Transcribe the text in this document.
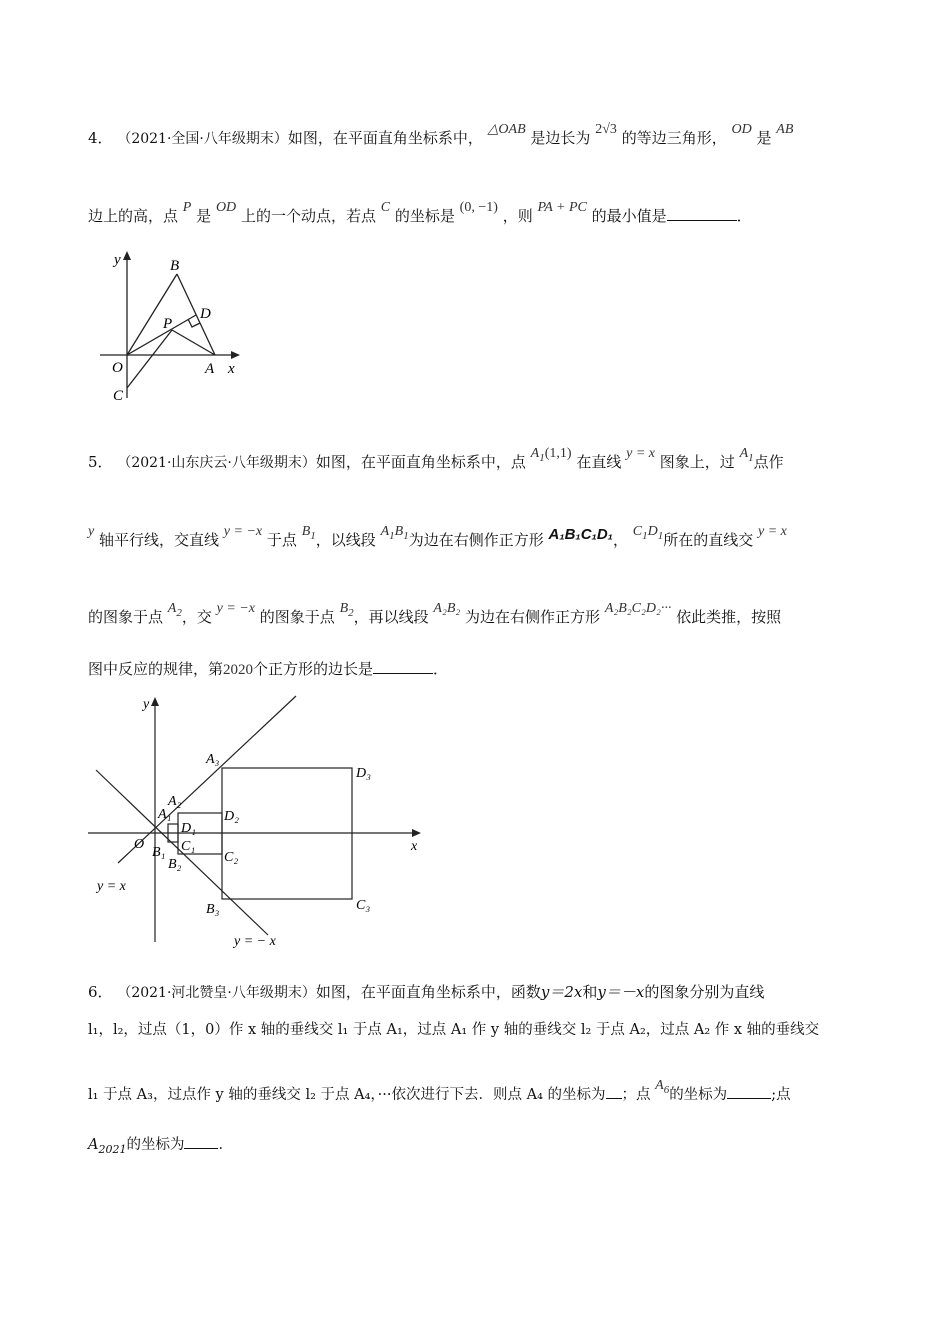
4． （2021·全国·八年级期末）如图，在平面直角坐标系中， △OAB 是边长为 2√3 的等边三角形， OD 是 AB
边上的高，点 P 是 OD 上的一个动点，若点 C 的坐标是 (0, −1) ，则 PA + PC 的最小值是	．
y
x
O	A
B
C
D
P
5． （2021·山东庆云·八年级期末）如图，在平面直角坐标系中，点 $A_1(1,1)$ 在直线 y = x 图象上，过 $A_1$点作
y 轴平行线，交直线 y = −x 于点 $B_1$，以线段 $A_1B_1$为边在右侧作正方形 A₁B₁C₁D₁， $C_1D_1$所在的直线交 y = x
的图象于点 $A_2$，交 y = −x 的图象于点 $B_2$，再以线段 A₂B₂ 为边在右侧作正方形 A₂B₂C₂D₂··· 依此类推，按照
图中反应的规律，第2020个正方形的边长是	．
y
x
O
A₁
A₂
A₃
B₁
B₂
B₃
C₁
C₂
C₃
D₁
D₂
D₃
y = x
y = − x
6． （2021·河北赞皇·八年级期末）如图，在平面直角坐标系中，函数y＝2x和y＝－x的图象分别为直线
l₁，l₂，过点（1，0）作 x 轴的垂线交 l₁ 于点 A₁，过点 A₁ 作 y 轴的垂线交 l₂ 于点 A₂，过点 A₂ 作 x 轴的垂线交
l₁ 于点 A₃，过点作 y 轴的垂线交 l₂ 于点 A₄，···依次进行下去．则点 A₄ 的坐标为 ；点 $A_6$的坐标为	;点
$A_{2021}$的坐标为 ．
